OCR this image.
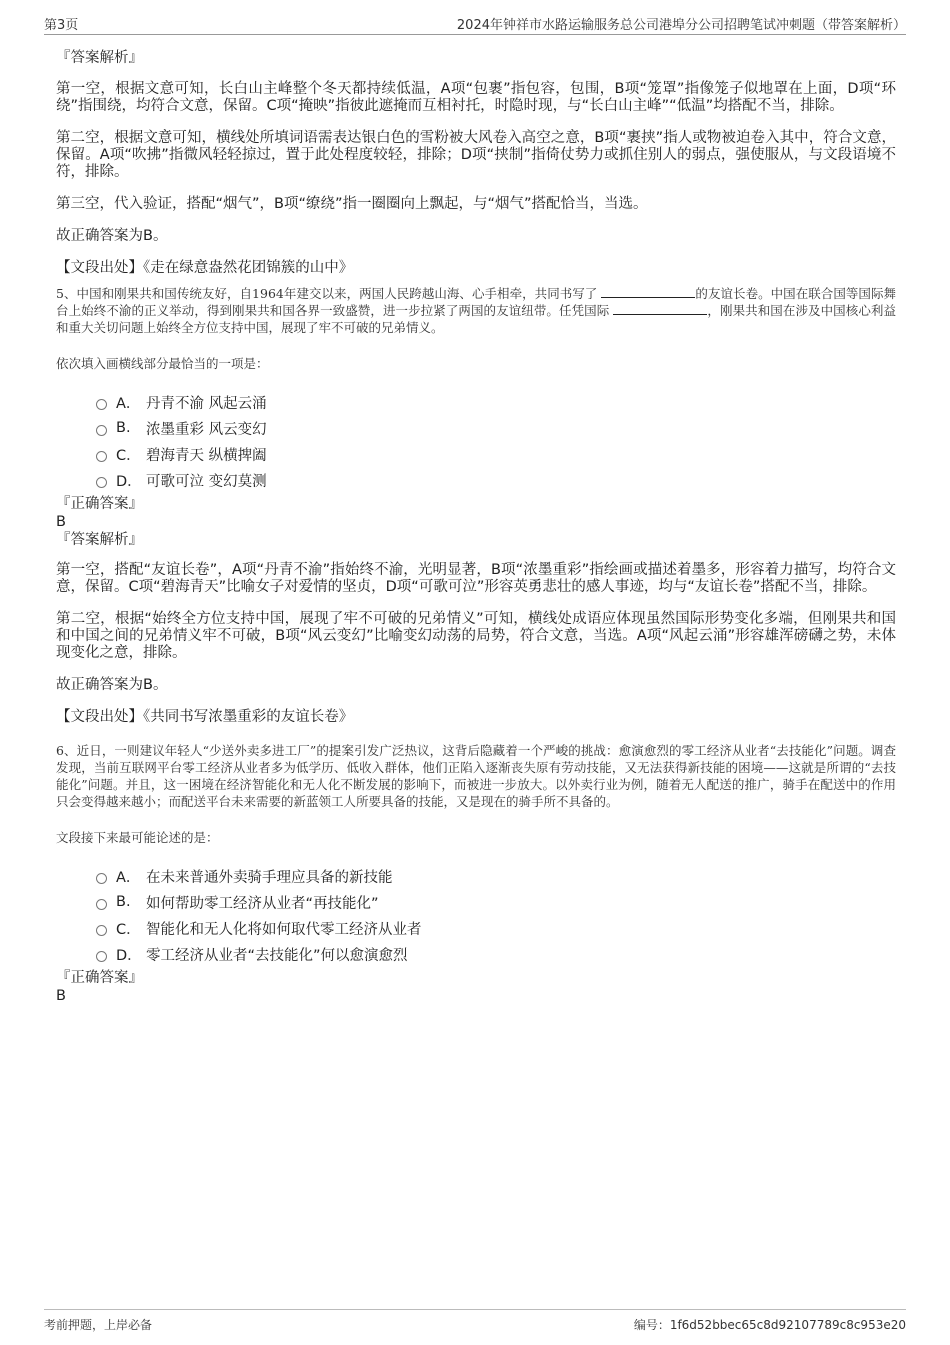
第3页	2024年钟祥市水路运输服务总公司港埠分公司招聘笔试冲刺题（带答案解析）

『答案解析』

第一空，根据文意可知，长白山主峰整个冬天都持续低温，A项“包裹”指包容，包围，B项“笼罩”指像笼子似地罩在上面，D项“环绕”指围绕，均符合文意，保留。C项“掩映”指彼此遮掩而互相衬托，时隐时现，与“长白山主峰”“低温”均搭配不当，排除。

第二空，根据文意可知，横线处所填词语需表达银白色的雪粉被大风卷入高空之意，B项“裹挟”指人或物被迫卷入其中，符合文意，保留。A项“吹拂”指微风轻轻掠过，置于此处程度较轻，排除；D项“挟制”指倚仗势力或抓住别人的弱点，强使服从，与文段语境不符，排除。

第三空，代入验证，搭配“烟气”，B项“缭绕”指一圈圈向上飘起，与“烟气”搭配恰当，当选。

故正确答案为B。

【文段出处】《走在绿意盎然花团锦簇的山中》

5、中国和刚果共和国传统友好，自1964年建交以来，两国人民跨越山海、心手相牵，共同书写了	的友谊长卷。中国在联合国等国际舞台上始终不渝的正义举动，得到刚果共和国各界一致盛赞，进一步拉紧了两国的友谊纽带。任凭国际	，刚果共和国在涉及中国核心利益和重大关切问题上始终全方位支持中国，展现了牢不可破的兄弟情义。

依次填入画横线部分最恰当的一项是：

A． 丹青不渝 风起云涌
B.	浓墨重彩 风云变幻
C． 碧海青天 纵横捭阖
D． 可歌可泣 变幻莫测

『正确答案』

B

『答案解析』

第一空，搭配“友谊长卷”，A项“丹青不渝”指始终不渝，光明显著，B项“浓墨重彩”指绘画或描述着墨多，形容着力描写，均符合文意，保留。C项“碧海青天”比喻女子对爱情的坚贞，D项“可歌可泣”形容英勇悲壮的感人事迹，均与“友谊长卷”搭配不当，排除。

第二空，根据“始终全方位支持中国，展现了牢不可破的兄弟情义”可知，横线处成语应体现虽然国际形势变化多端，但刚果共和国和中国之间的兄弟情义牢不可破，B项“风云变幻”比喻变幻动荡的局势，符合文意，当选。A项“风起云涌”形容雄浑磅礴之势，未体现变化之意，排除。

故正确答案为B。

【文段出处】《共同书写浓墨重彩的友谊长卷》

6、近日，一则建议年轻人“少送外卖多进工厂”的提案引发广泛热议，这背后隐藏着一个严峻的挑战：愈演愈烈的零工经济从业者“去技能化”问题。调查发现，当前互联网平台零工经济从业者多为低学历、低收入群体，他们正陷入逐渐丧失原有劳动技能，又无法获得新技能的困境——这就是所谓的“去技能化”问题。并且，这一困境在经济智能化和无人化不断发展的影响下，而被进一步放大。以外卖行业为例，随着无人配送的推广，骑手在配送中的作用只会变得越来越小；而配送平台未来需要的新蓝领工人所要具备的技能，又是现在的骑手所不具备的。

文段接下来最可能论述的是：

A． 在未来普通外卖骑手理应具备的新技能
B.	如何帮助零工经济从业者“再技能化”
C． 智能化和无人化将如何取代零工经济从业者
D． 零工经济从业者“去技能化”何以愈演愈烈

『正确答案』

B

考前押题，上岸必备	编号：1f6d52bbec65c8d92107789c8c953e20
